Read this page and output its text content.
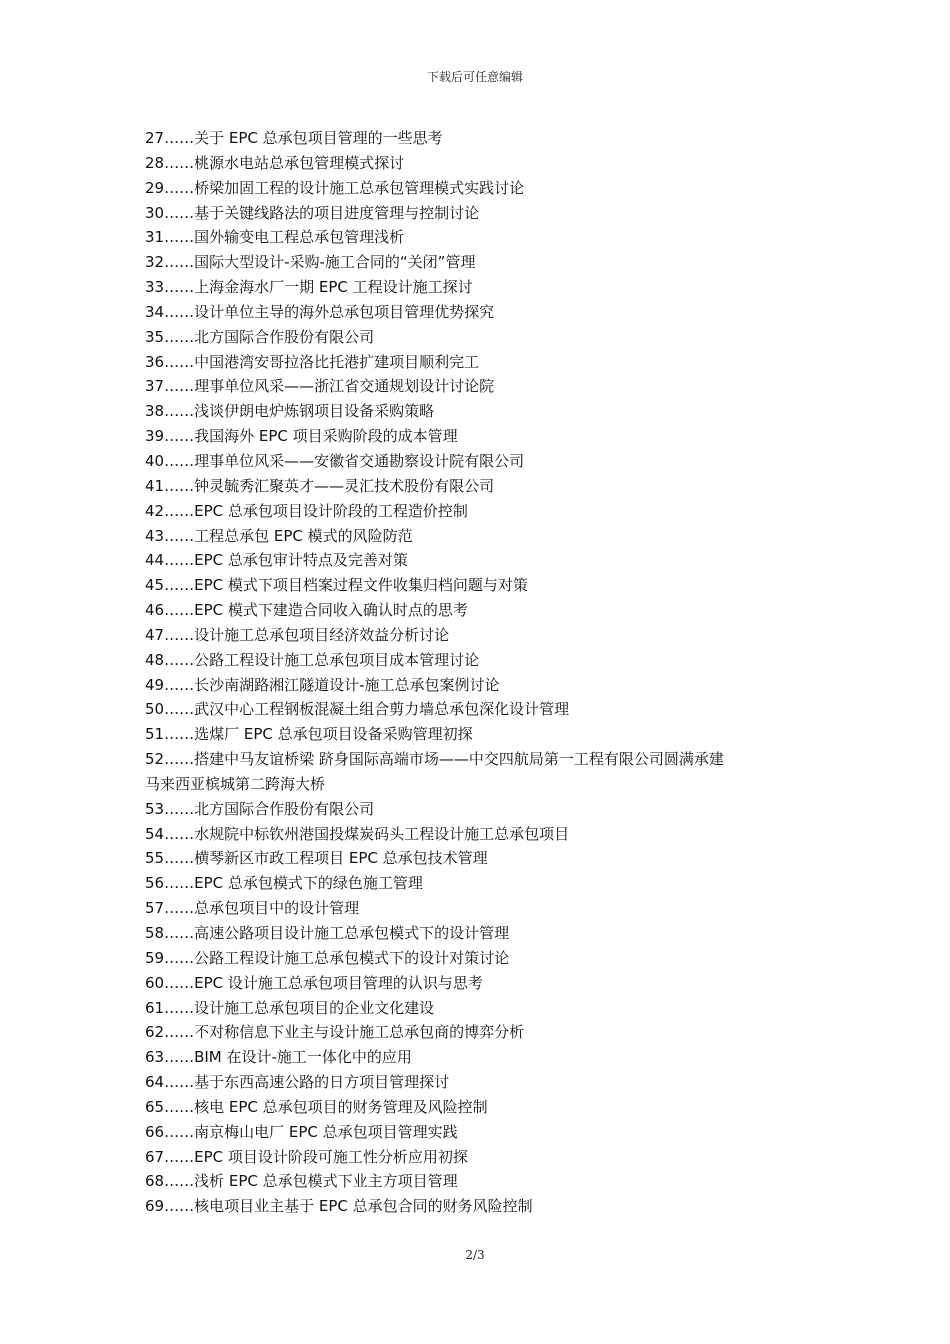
下载后可任意编辑
27……关于 EPC 总承包项目管理的一些思考
28……桃源水电站总承包管理模式探讨
29……桥梁加固工程的设计施工总承包管理模式实践讨论
30……基于关键线路法的项目进度管理与控制讨论
31……国外输变电工程总承包管理浅析
32……国际大型设计-采购-施工合同的“关闭”管理
33……上海金海水厂一期 EPC 工程设计施工探讨
34……设计单位主导的海外总承包项目管理优势探究
35……北方国际合作股份有限公司
36……中国港湾安哥拉洛比托港扩建项目顺利完工
37……理事单位风采——浙江省交通规划设计讨论院
38……浅谈伊朗电炉炼钢项目设备采购策略
39……我国海外 EPC 项目采购阶段的成本管理
40……理事单位风采——安徽省交通勘察设计院有限公司
41……钟灵毓秀汇聚英才——灵汇技术股份有限公司
42……EPC 总承包项目设计阶段的工程造价控制
43……工程总承包 EPC 模式的风险防范
44……EPC 总承包审计特点及完善对策
45……EPC 模式下项目档案过程文件收集归档问题与对策
46……EPC 模式下建造合同收入确认时点的思考
47……设计施工总承包项目经济效益分析讨论
48……公路工程设计施工总承包项目成本管理讨论
49……长沙南湖路湘江隧道设计-施工总承包案例讨论
50……武汉中心工程钢板混凝土组合剪力墙总承包深化设计管理
51……选煤厂 EPC 总承包项目设备采购管理初探
52……搭建中马友谊桥梁 跻身国际高端市场——中交四航局第一工程有限公司圆满承建
马来西亚槟城第二跨海大桥
53……北方国际合作股份有限公司
54……水规院中标钦州港国投煤炭码头工程设计施工总承包项目
55……横琴新区市政工程项目 EPC 总承包技术管理
56……EPC 总承包模式下的绿色施工管理
57……总承包项目中的设计管理
58……高速公路项目设计施工总承包模式下的设计管理
59……公路工程设计施工总承包模式下的设计对策讨论
60……EPC 设计施工总承包项目管理的认识与思考
61……设计施工总承包项目的企业文化建设
62……不对称信息下业主与设计施工总承包商的博弈分析
63……BIM 在设计-施工一体化中的应用
64……基于东西高速公路的日方项目管理探讨
65……核电 EPC 总承包项目的财务管理及风险控制
66……南京梅山电厂 EPC 总承包项目管理实践
67……EPC 项目设计阶段可施工性分析应用初探
68……浅析 EPC 总承包模式下业主方项目管理
69……核电项目业主基于 EPC 总承包合同的财务风险控制
2/3
